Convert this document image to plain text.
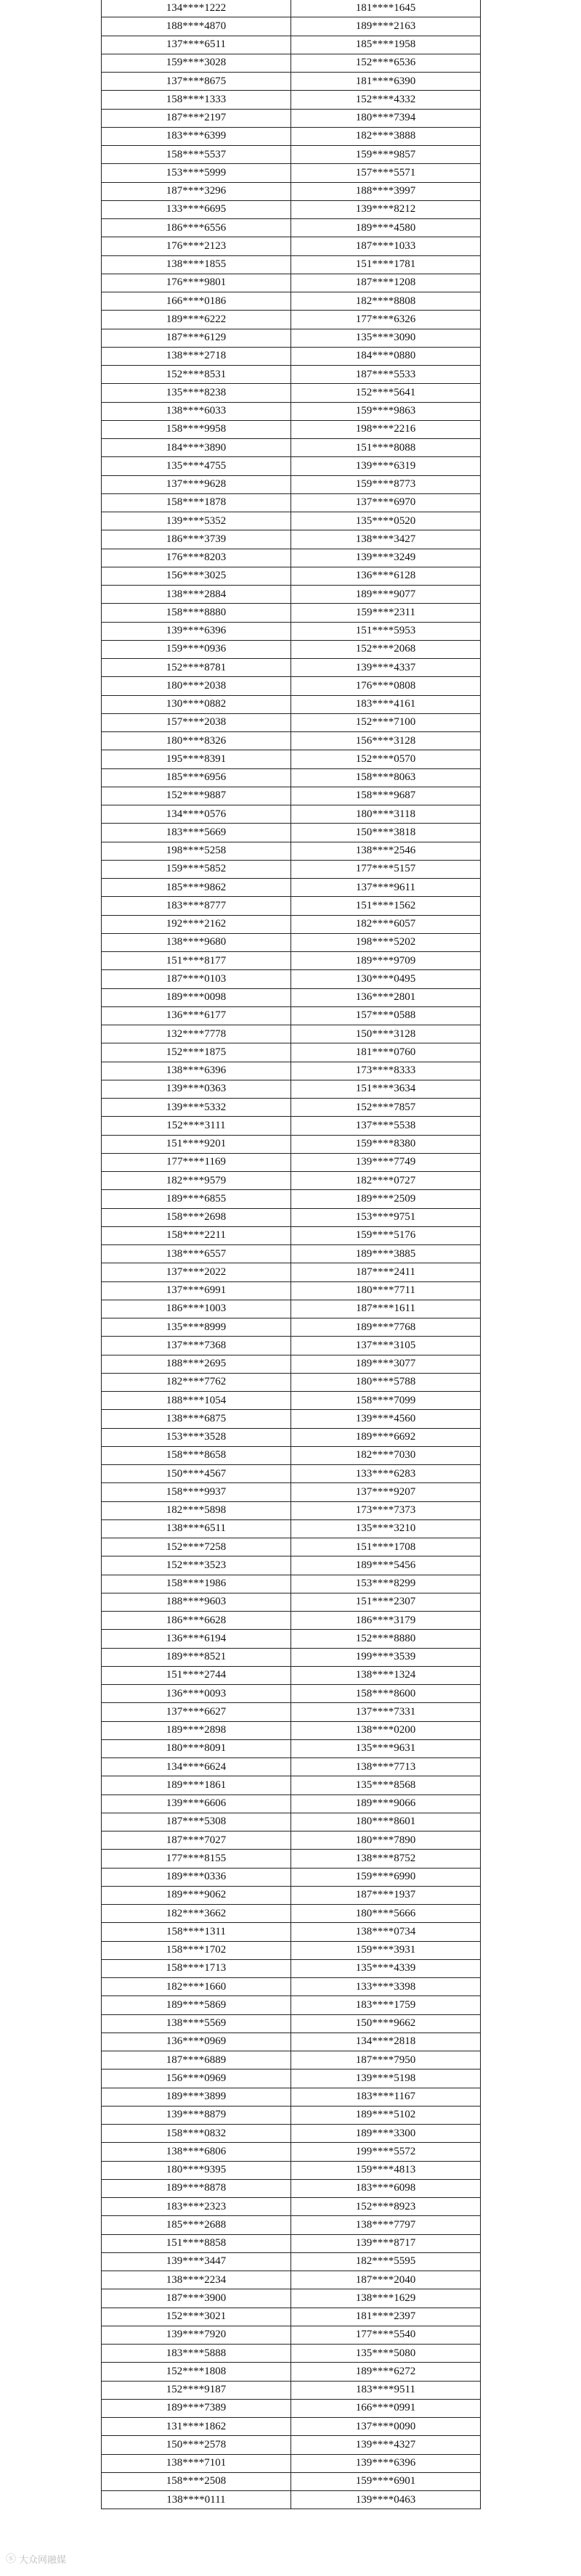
134****1222	181****1645
188****4870	189****2163
137****6511	185****1958
159****3028	152****6536
137****8675	181****6390
158****1333	152****4332
187****2197	180****7394
183****6399	182****3888
158****5537	159****9857
153****5999	157****5571
187****3296	188****3997
133****6695	139****8212
186****6556	189****4580
176****2123	187****1033
138****1855	151****1781
176****9801	187****1208
166****0186	182****8808
189****6222	177****6326
187****6129	135****3090
138****2718	184****0880
152****8531	187****5533
135****8238	152****5641
138****6033	159****9863
158****9958	198****2216
184****3890	151****8088
135****4755	139****6319
137****9628	159****8773
158****1878	137****6970
139****5352	135****0520
186****3739	138****3427
176****8203	139****3249
156****3025	136****6128
138****2884	189****9077
158****8880	159****2311
139****6396	151****5953
159****0936	152****2068
152****8781	139****4337
180****2038	176****0808
130****0882	183****4161
157****2038	152****7100
180****8326	156****3128
195****8391	152****0570
185****6956	158****8063
152****9887	158****9687
134****0576	180****3118
183****5669	150****3818
198****5258	138****2546
159****5852	177****5157
185****9862	137****9611
183****8777	151****1562
192****2162	182****6057
138****9680	198****5202
151****8177	189****9709
187****0103	130****0495
189****0098	136****2801
136****6177	157****0588
132****7778	150****3128
152****1875	181****0760
138****6396	173****8333
139****0363	151****3634
139****5332	152****7857
152****3111	137****5538
151****9201	159****8380
177****1169	139****7749
182****9579	182****0727
189****6855	189****2509
158****2698	153****9751
158****2211	159****5176
138****6557	189****3885
137****2022	187****2411
137****6991	180****7711
186****1003	187****1611
135****8999	189****7768
137****7368	137****3105
188****2695	189****3077
182****7762	180****5788
188****1054	158****7099
138****6875	139****4560
153****3528	189****6692
158****8658	182****7030
150****4567	133****6283
158****9937	137****9207
182****5898	173****7373
138****6511	135****3210
152****7258	151****1708
152****3523	189****5456
158****1986	153****8299
188****9603	151****2307
186****6628	186****3179
136****6194	152****8880
189****8521	199****3539
151****2744	138****1324
136****0093	158****8600
137****6627	137****7331
189****2898	138****0200
180****8091	135****9631
134****6624	138****7713
189****1861	135****8568
139****6606	189****9066
187****5308	180****8601
187****7027	180****7890
177****8155	138****8752
189****0336	159****6990
189****9062	187****1937
182****3662	180****5666
158****1311	138****0734
158****1702	159****3931
158****1713	135****4339
182****1660	133****3398
189****5869	183****1759
138****5569	150****9662
136****0969	134****2818
187****6889	187****7950
156****0969	139****5198
189****3899	183****1167
139****8879	189****5102
158****0832	189****3300
138****6806	199****5572
180****9395	159****4813
189****8878	183****6098
183****2323	152****8923
185****2688	138****7797
151****8858	139****8717
139****3447	182****5595
138****2234	187****2040
187****3900	138****1629
152****3021	181****2397
139****7920	177****5540
183****5888	135****5080
152****1808	189****6272
152****9187	183****9511
189****7389	166****0991
131****1862	137****0090
150****2578	139****4327
138****7101	139****6396
158****2508	159****6901
138****0111	139****0463
ⓢ 大众网融媒
